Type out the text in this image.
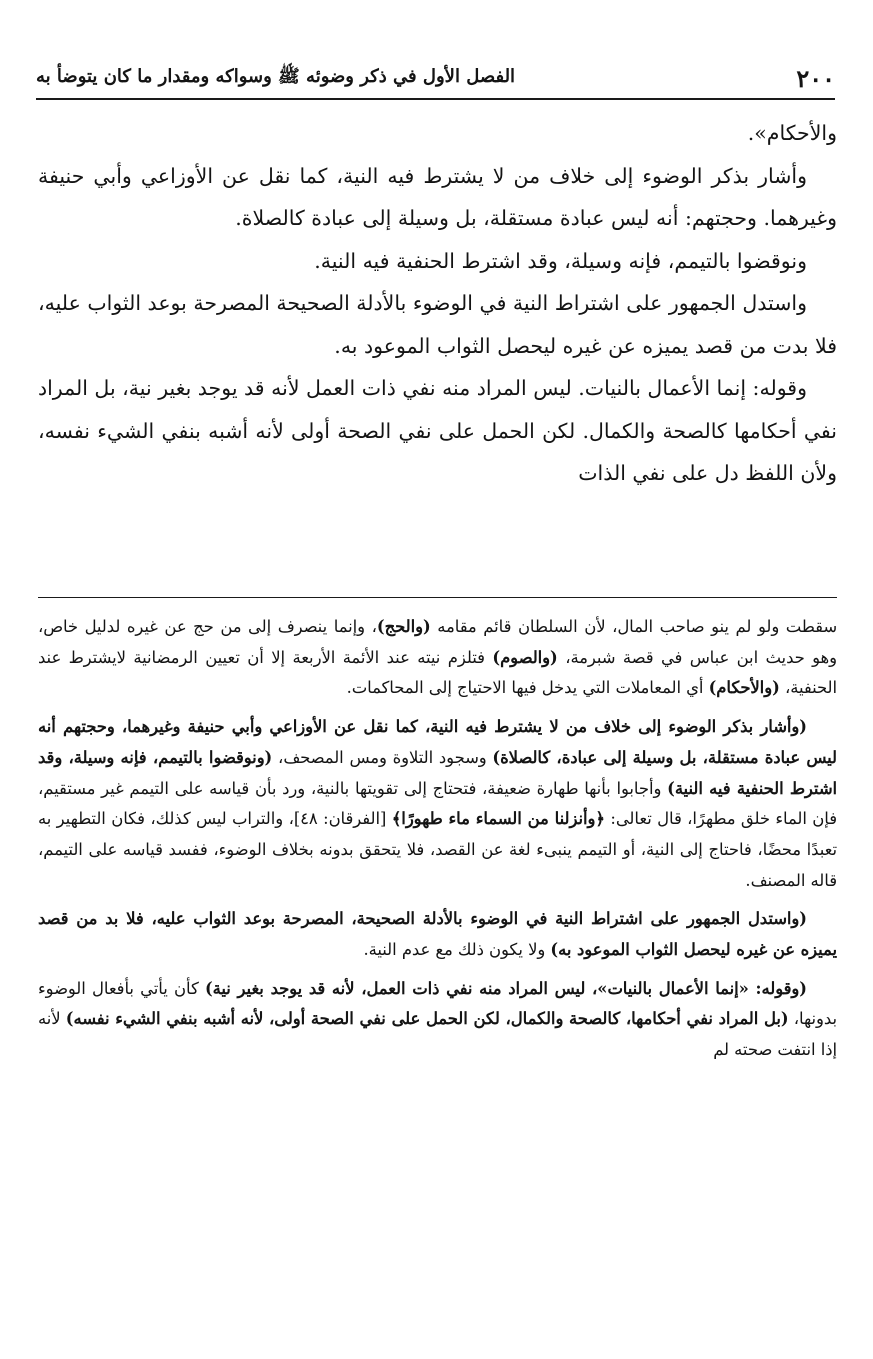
٢٠٠
الفصل الأول في ذكر وضوئه ﷺ وسواكه ومقدار ما كان يتوضأ به

والأحكام».

وأشار بذكر الوضوء إلى خلاف من لا يشترط فيه النية، كما نقل عن الأوزاعي وأبي حنيفة وغيرهما. وحجتهم: أنه ليس عبادة مستقلة، بل وسيلة إلى عبادة كالصلاة.

ونوقضوا بالتيمم، فإنه وسيلة، وقد اشترط الحنفية فيه النية.

واستدل الجمهور على اشتراط النية في الوضوء بالأدلة الصحيحة المصرحة بوعد الثواب عليه، فلا بدت من قصد يميزه عن غيره ليحصل الثواب الموعود به.

وقوله: إنما الأعمال بالنيات. ليس المراد منه نفي ذات العمل لأنه قد يوجد بغير نية، بل المراد نفي أحكامها كالصحة والكمال. لكن الحمل على نفي الصحة أولى لأنه أشبه بنفي الشيء نفسه، ولأن اللفظ دل على نفي الذات

سقطت ولو لم ينو صاحب المال، لأن السلطان قائم مقامه (والحج)، وإنما ينصرف إلى من حج عن غيره لدليل خاص، وهو حديث ابن عباس في قصة شبرمة، (والصوم) فتلزم نيته عند الأئمة الأربعة إلا أن تعيين الرمضانية لايشترط عند الحنفية، (والأحكام) أي المعاملات التي يدخل فيها الاحتياج إلى المحاكمات.

(وأشار بذكر الوضوء إلى خلاف من لا يشترط فيه النية، كما نقل عن الأوزاعي وأبي حنيفة وغيرهما، وحجتهم أنه ليس عبادة مستقلة، بل وسيلة إلى عبادة، كالصلاة) وسجود التلاوة ومس المصحف، (ونوقضوا بالتيمم، فإنه وسيلة، وقد اشترط الحنفية فيه النية) وأجابوا بأنها طهارة ضعيفة، فتحتاج إلى تقويتها بالنية، ورد بأن قياسه على التيمم غير مستقيم، فإن الماء خلق مطهرًا، قال تعالى: ﴿وأنزلنا من السماء ماء طهورًا﴾ [الفرقان: ٤٨]، والتراب ليس كذلك، فكان التطهير به تعبدًا محضًا، فاحتاج إلى النية، أو التيمم ينبىء لغة عن القصد، فلا يتحقق بدونه بخلاف الوضوء، ففسد قياسه على التيمم، قاله المصنف.

(واستدل الجمهور على اشتراط النية في الوضوء بالأدلة الصحيحة، المصرحة بوعد الثواب عليه، فلا بد من قصد يميزه عن غيره ليحصل الثواب الموعود به) ولا يكون ذلك مع عدم النية.

(وقوله: «إنما الأعمال بالنيات»، ليس المراد منه نفي ذات العمل، لأنه قد يوجد بغير نية) كأن يأتي بأفعال الوضوء بدونها، (بل المراد نفي أحكامها، كالصحة والكمال، لكن الحمل على نفي الصحة أولى، لأنه أشبه بنفي الشيء نفسه) لأنه إذا انتفت صحته لم
